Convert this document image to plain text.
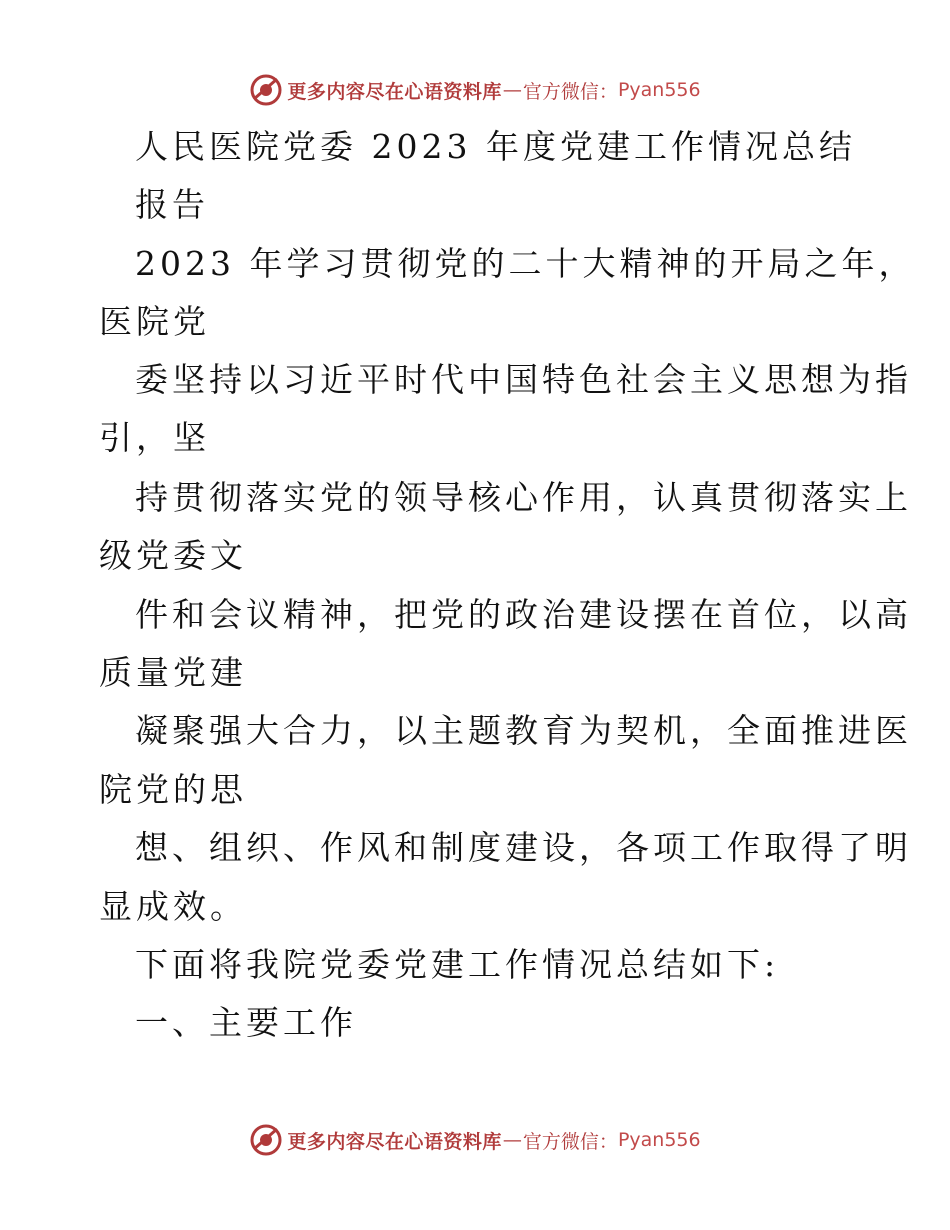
更多内容尽在心语资料库 — 官方微信： Pyan556
人民医院党委 2023 年度党建工作情况总结
报告
2023 年学习贯彻党的二十大精神的开局之年，
医院党
委坚持以习近平时代中国特色社会主义思想为指
引，坚
持贯彻落实党的领导核心作用，认真贯彻落实上
级党委文
件和会议精神，把党的政治建设摆在首位，以高
质量党建
凝聚强大合力，以主题教育为契机，全面推进医
院党的思
想、组织、作风和制度建设，各项工作取得了明
显成效。
下面将我院党委党建工作情况总结如下:
一、主要工作
更多内容尽在心语资料库 — 官方微信： Pyan556
